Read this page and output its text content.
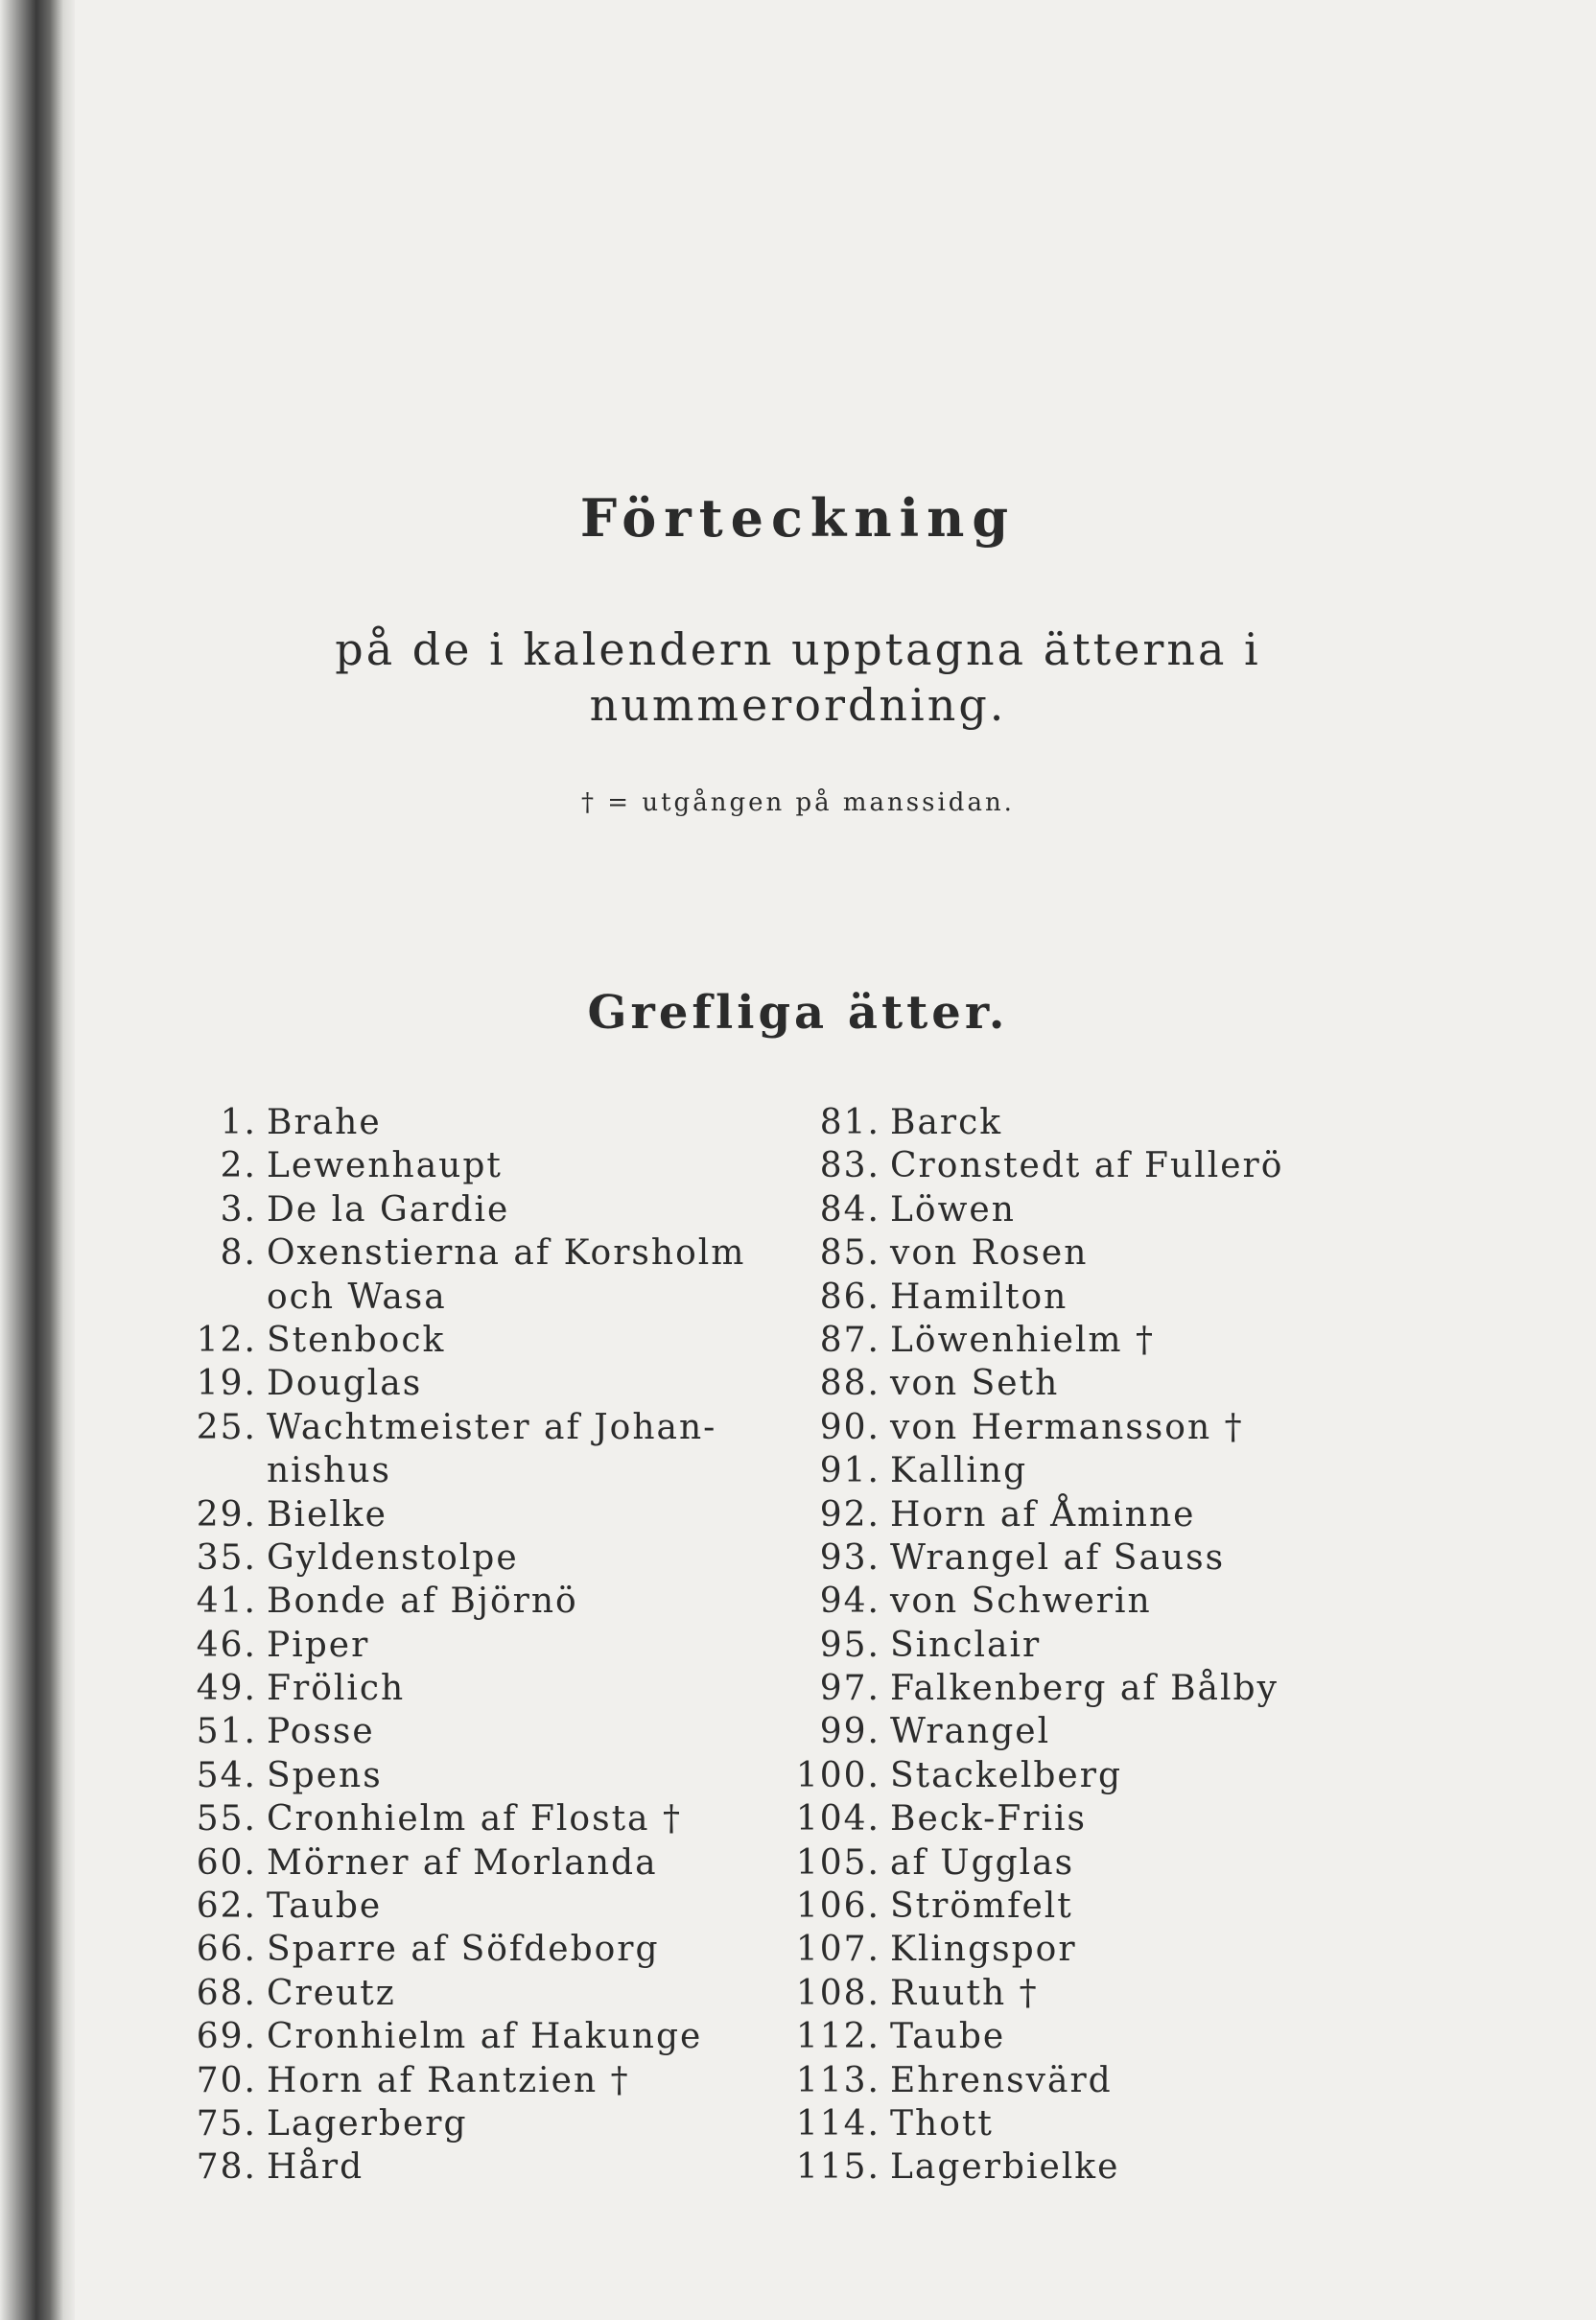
Förteckning
på de i kalendern upptagna ätterna i
nummerordning.
† = utgången på manssidan.
Grefliga ätter.
1. Brahe
2. Lewenhaupt
3. De la Gardie
8. Oxenstierna af Korsholm
och Wasa
12. Stenbock
19. Douglas
25. Wachtmeister af Johan-
nishus
29. Bielke
35. Gyldenstolpe
41. Bonde af Björnö
46. Piper
49. Frölich
51. Posse
54. Spens
55. Cronhielm af Flosta †
60. Mörner af Morlanda
62. Taube
66. Sparre af Söfdeborg
68. Creutz
69. Cronhielm af Hakunge
70. Horn af Rantzien †
75. Lagerberg
78. Hård
81. Barck
83. Cronstedt af Fullerö
84. Löwen
85. von Rosen
86. Hamilton
87. Löwenhielm †
88. von Seth
90. von Hermansson †
91. Kalling
92. Horn af Åminne
93. Wrangel af Sauss
94. von Schwerin
95. Sinclair
97. Falkenberg af Bålby
99. Wrangel
100. Stackelberg
104. Beck-Friis
105. af Ugglas
106. Strömfelt
107. Klingspor
108. Ruuth †
112. Taube
113. Ehrensvärd
114. Thott
115. Lagerbielke
